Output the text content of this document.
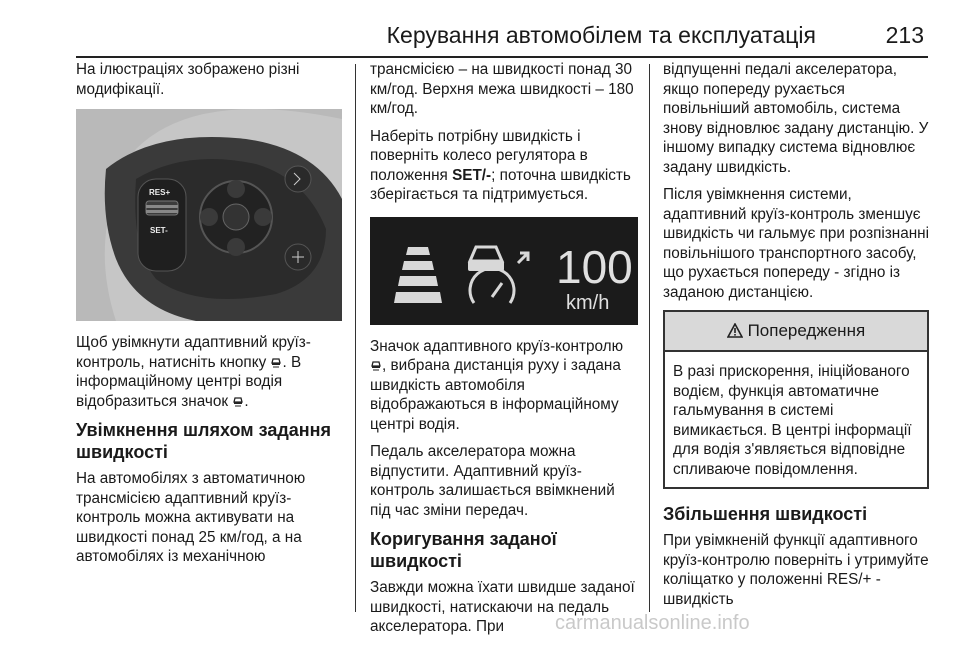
Керування автомобілем та експлуатація	213

На ілюстраціях зображено різні модифікації.

RES+
SET-

Щоб увімкнути адаптивний круїз-контроль, натисніть кнопку . В інформаційному центрі водія відобразиться значок .

Увімкнення шляхом задання швидкості

На автомобілях з автоматичною трансмісією адаптивний круїз-контроль можна активувати на швидкості понад 25 км/год, а на автомобілях із механічною

трансмісією – на швидкості понад 30 км/год. Верхня межа швидкості – 180 км/год.

Наберіть потрібну швидкість і поверніть колесо регулятора в положення SET/-; поточна швидкість зберігається та підтримується.

100
km/h

Значок адаптивного круїз-контролю , вибрана дистанція руху і задана швидкість автомобіля відображаються в інформаційному центрі водія.

Педаль акселератора можна відпустити. Адаптивний круїз-контроль залишається ввімкнений під час зміни передач.

Коригування заданої швидкості

Завжди можна їхати швидше заданої швидкості, натискаючи на педаль акселератора. При

відпущенні педалі акселератора, якщо попереду рухається повільніший автомобіль, система знову відновлює задану дистанцію. У іншому випадку система відновлює задану швидкість.

Після увімкнення системи, адаптивний круїз-контроль зменшує швидкість чи гальмує при розпізнанні повільнішого транспортного засобу, що рухається попереду - згідно із заданою дистанцією.

Попередження
В разі прискорення, ініційованого водієм, функція автоматичне гальмування в системі вимикається. В центрі інформації для водія з'являється відповідне спливаюче повідомлення.
Збільшення швидкості

При увімкненій функції адаптивного круїз-контролю поверніть і утримуйте коліщатко у положенні RES/+ - швидкість

carmanualsonline.info
